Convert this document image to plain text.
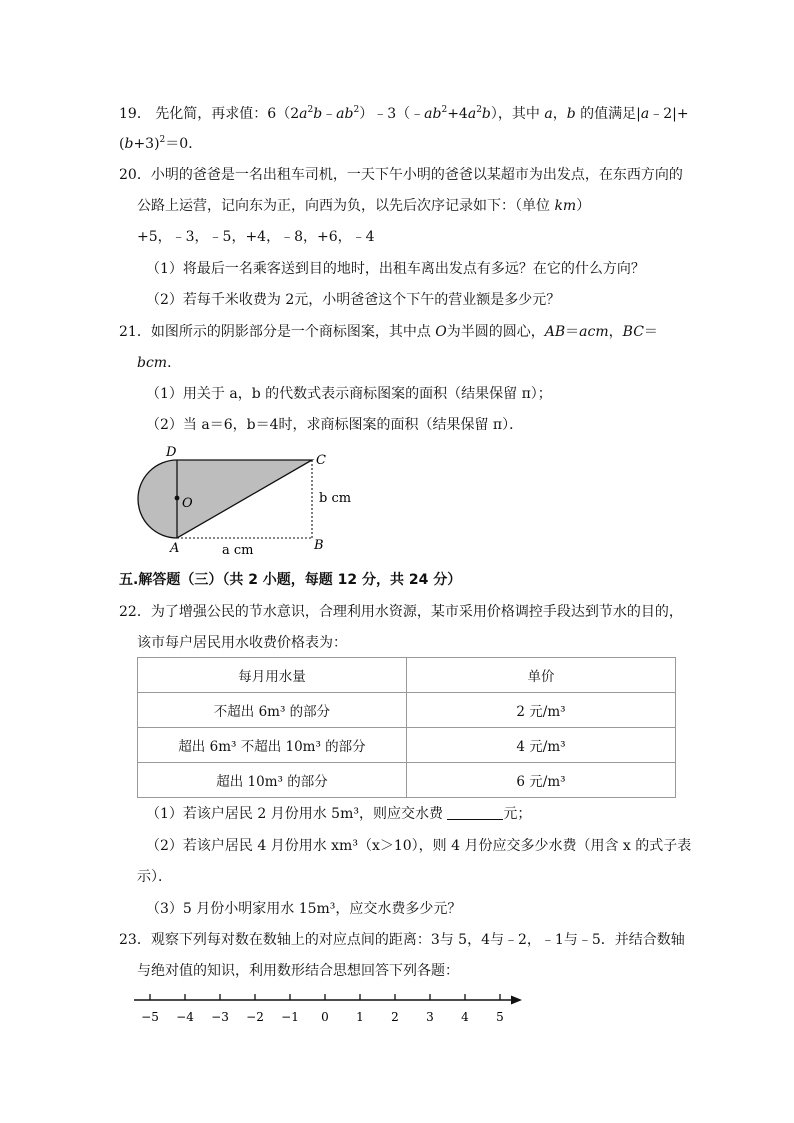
19． 先化简，再求值：$6(2a^2b﹣ab^2)﹣3(﹣ab^2+4a^2b)$，其中 a，b 的值满足|a﹣2|+
$(b+3)^2=0$．
20．小明的爸爸是一名出租车司机，一天下午小明的爸爸以某超市为出发点，在东西方向的
公路上运营，记向东为正，向西为负，以先后次序记录如下：（单位 km）
+5，﹣3，﹣5，+4，﹣8，+6，﹣4
（1）将最后一名乘客送到目的地时，出租车离出发点有多远？在它的什么方向？
（2）若每千米收费为 2元，小明爸爸这个下午的营业额是多少元？
21．如图所示的阴影部分是一个商标图案，其中点 O为半圆的圆心，AB＝acm，BC＝
bcm．
（1）用关于 a，b 的代数式表示商标图案的面积（结果保留 π）；
（2）当 a＝6，b＝4时，求商标图案的面积（结果保留 π）．
D
C
O
A	B
b cm
a cm
五.解答题（三）（共 2 小题，每题 12 分，共 24 分）
22．为了增强公民的节水意识，合理利用水资源，某市采用价格调控手段达到节水的目的，
该市每户居民用水收费价格表为：
每月用水量	单价
不超出 6m³ 的部分	2 元/m³
超出 6m³ 不超出 10m³ 的部分	4 元/m³
超出 10m³ 的部分	6 元/m³
（1）若该户居民 2 月份用水 5m³，则应交水费	元；
（2）若该户居民 4 月份用水 xm³（x＞10），则 4 月份应交多少水费（用含 x 的式子表
示）．
（3）5 月份小明家用水 15m³，应交水费多少元？
23．观察下列每对数在数轴上的对应点间的距离：3与 5，4与﹣2，﹣1与﹣5．并结合数轴
与绝对值的知识，利用数形结合思想回答下列各题：
−5 −4 −3 −2 −1 0 1 2 3 4 5
